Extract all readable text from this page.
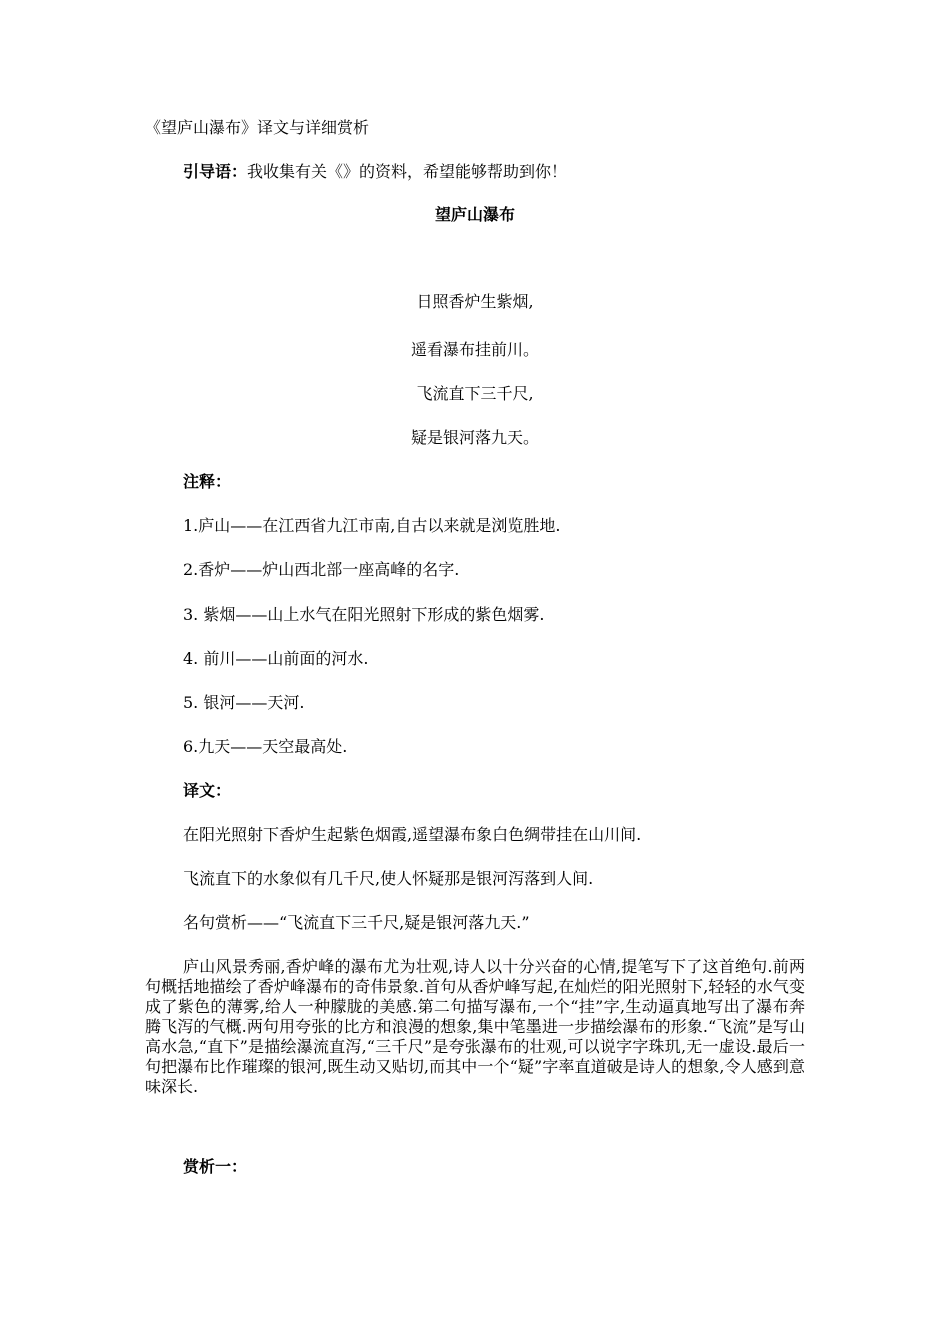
《望庐山瀑布》译文与详细赏析
引导语：我收集有关《》的资料，希望能够帮助到你！
望庐山瀑布
日照香炉生紫烟,
遥看瀑布挂前川。
飞流直下三千尺,
疑是银河落九天。
注释：
1.庐山——在江西省九江市南,自古以来就是浏览胜地.
2.香炉——炉山西北部一座高峰的名字.
3. 紫烟——山上水气在阳光照射下形成的紫色烟雾.
4. 前川——山前面的河水.
5. 银河——天河.
6.九天——天空最高处.
译文：
在阳光照射下香炉生起紫色烟霞,遥望瀑布象白色绸带挂在山川间.
飞流直下的水象似有几千尺,使人怀疑那是银河泻落到人间.
名句赏析——“飞流直下三千尺,疑是银河落九天.”

庐山风景秀丽,香炉峰的瀑布尤为壮观,诗人以十分兴奋的心情,提笔写下了这首绝句.前两句概括地描绘了香炉峰瀑布的奇伟景象.首句从香炉峰写起,在灿烂的阳光照射下,轻轻的水气变成了紫色的薄雾,给人一种朦胧的美感.第二句描写瀑布,一个“挂”字,生动逼真地写出了瀑布奔腾飞泻的气概.两句用夸张的比方和浪漫的想象,集中笔墨进一步描绘瀑布的形象.“飞流”是写山高水急,“直下”是描绘瀑流直泻,“三千尺”是夸张瀑布的壮观,可以说字字珠玑,无一虚设.最后一句把瀑布比作璀璨的银河,既生动又贴切,而其中一个“疑”字率直道破是诗人的想象,令人感到意味深长.

赏析一：
